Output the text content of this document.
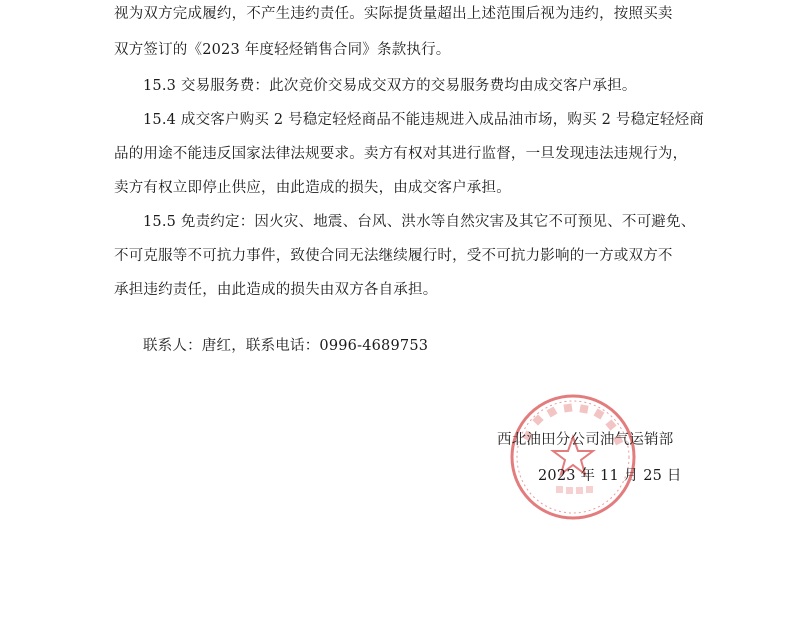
视为双方完成履约，不产生违约责任。实际提货量超出上述范围后视为违约，按照买卖
双方签订的《2023 年度轻烃销售合同》条款执行。
15.3 交易服务费：此次竞价交易成交双方的交易服务费均由成交客户承担。
15.4 成交客户购买 2 号稳定轻烃商品不能违规进入成品油市场，购买 2 号稳定轻烃商
品的用途不能违反国家法律法规要求。卖方有权对其进行监督，一旦发现违法违规行为，
卖方有权立即停止供应，由此造成的损失，由成交客户承担。
15.5 免责约定：因火灾、地震、台风、洪水等自然灾害及其它不可预见、不可避免、
不可克服等不可抗力事件，致使合同无法继续履行时，受不可抗力影响的一方或双方不
承担违约责任，由此造成的损失由双方各自承担。
联系人：唐红，联系电话：0996-4689753
西北油田分公司油气运销部
2023 年 11 月 25 日
